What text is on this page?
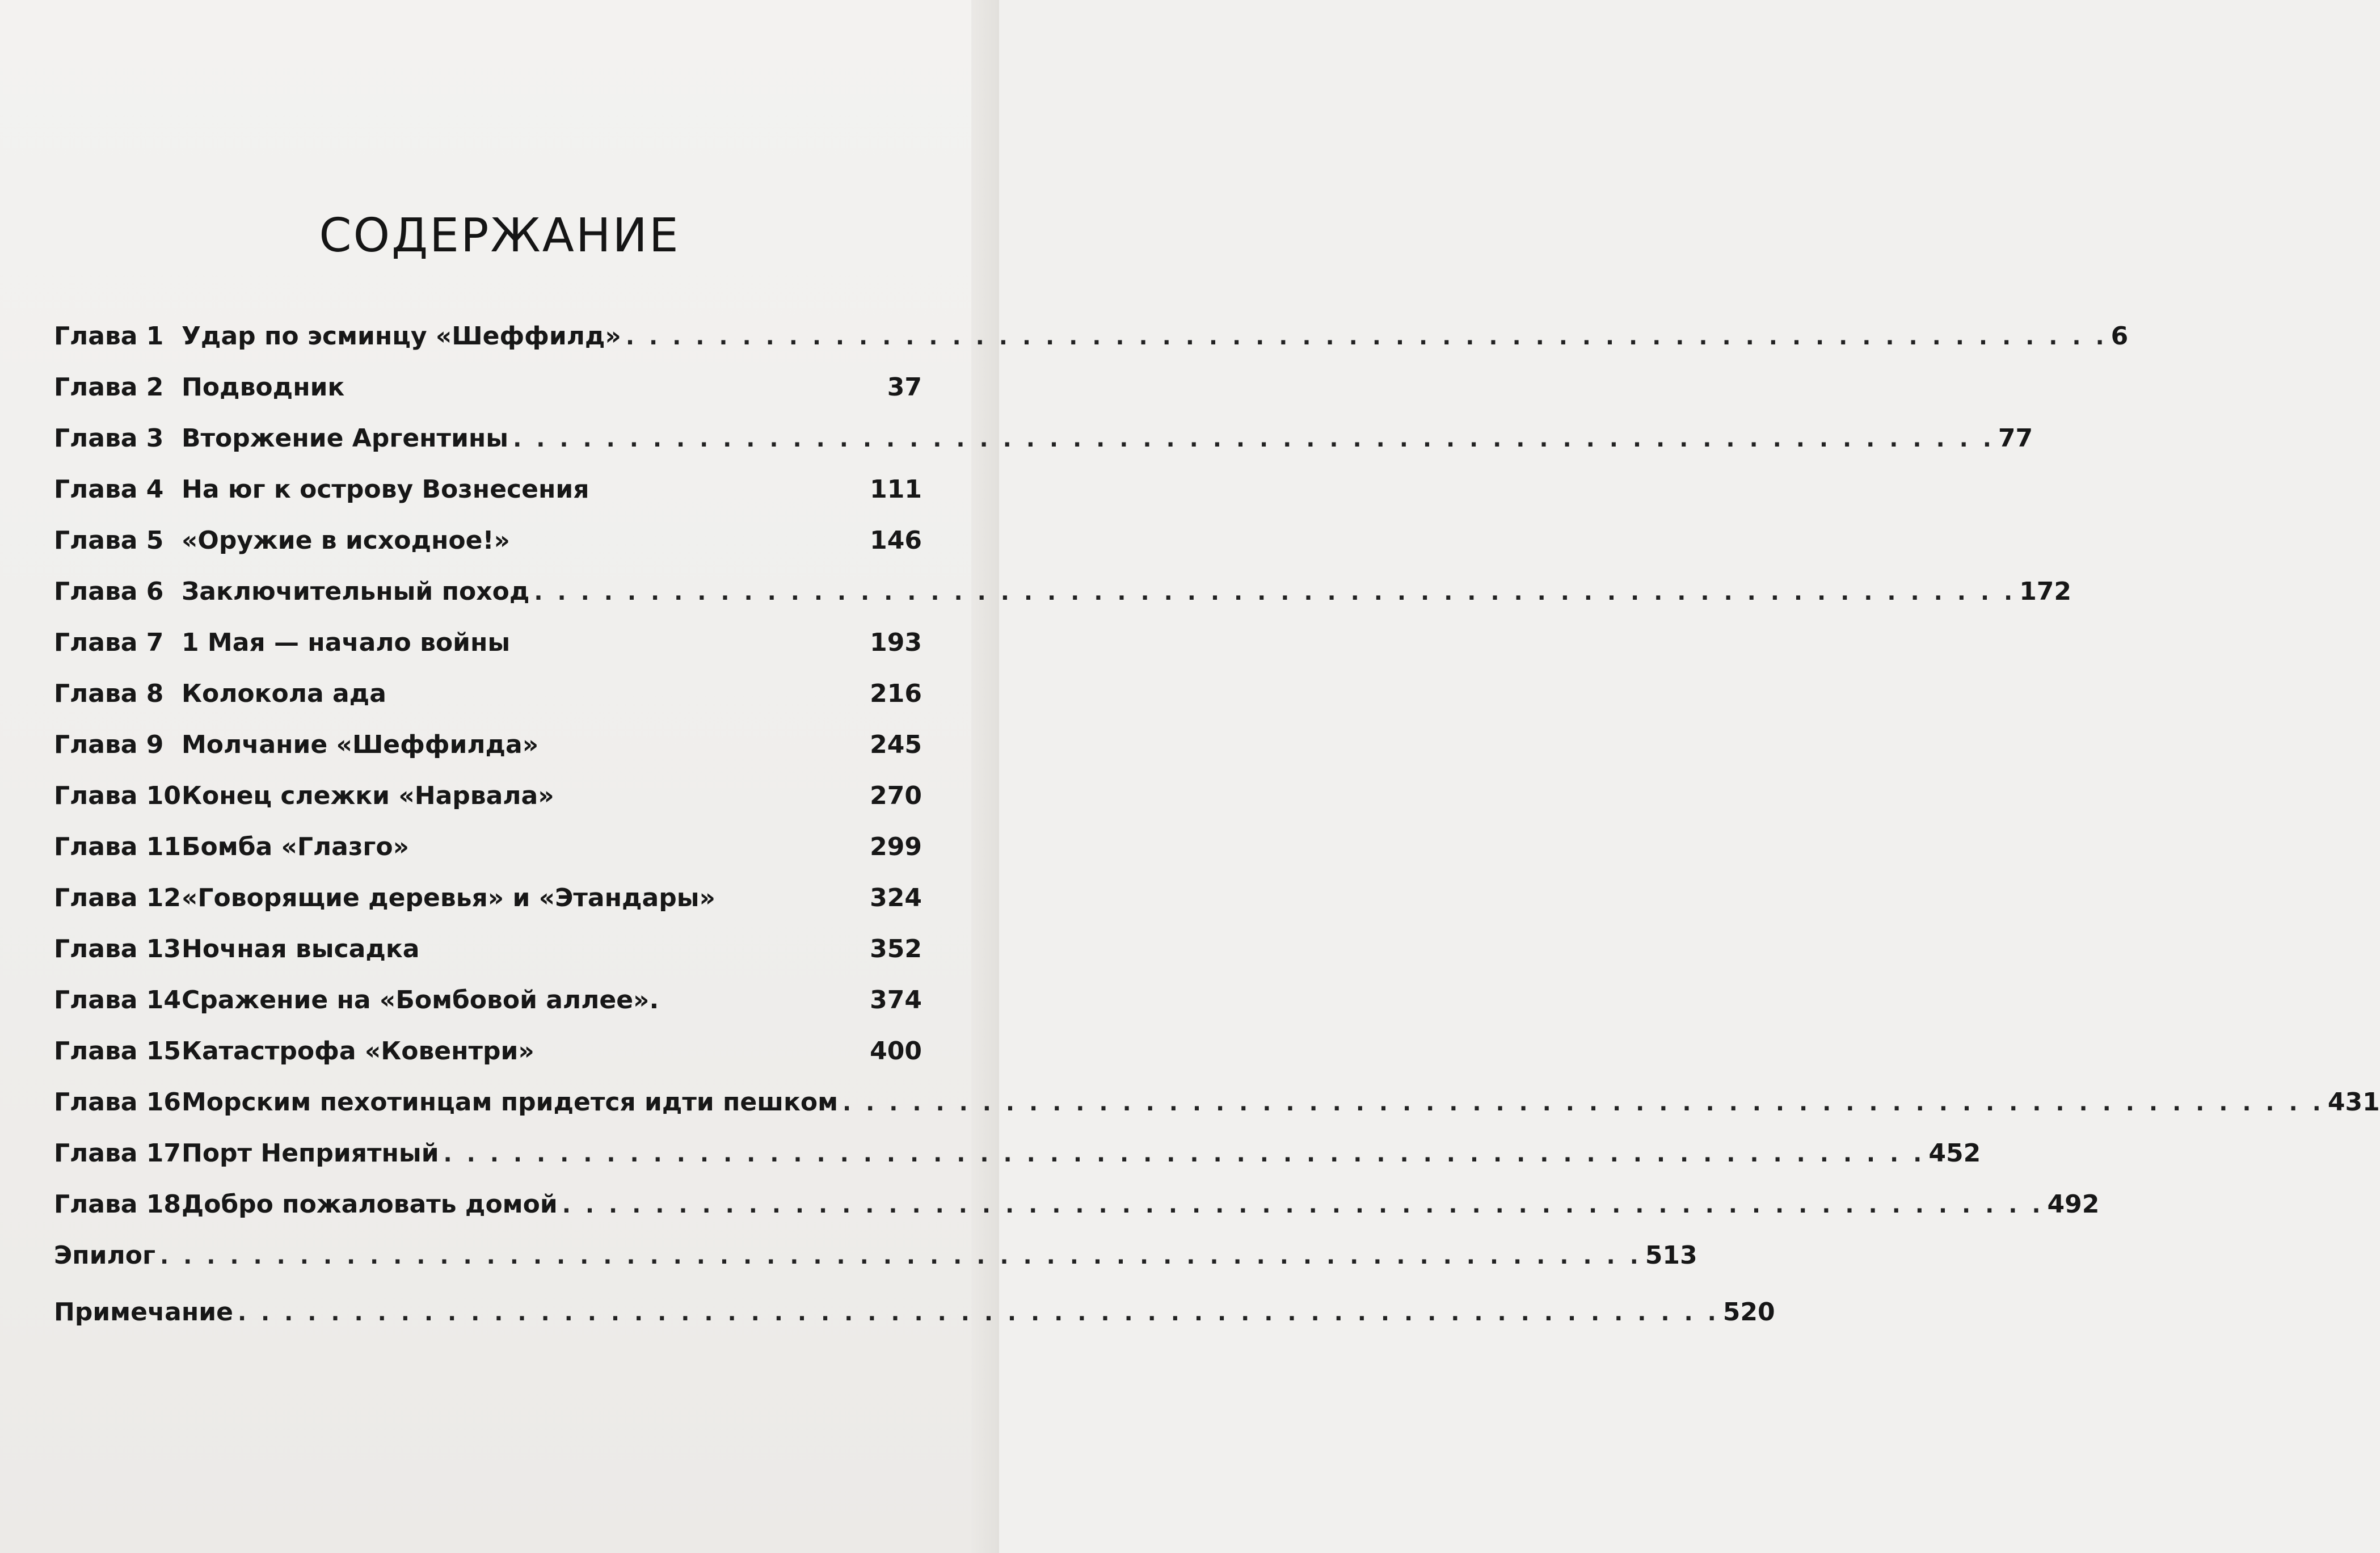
СОДЕРЖАНИЕ
Глава 1 Удар по эсминцу «Шеффилд» . . .	6
Глава 2 Подводник	37
Глава 3 Вторжение Аргентины . . .	77
Глава 4 На юг к острову Вознесения	111
Глава 5 «Оружие в исходное!»	146
Глава 6 Заключительный поход . . .	172
Глава 7 1 Мая — начало войны	193
Глава 8 Колокола ада	216
Глава 9 Молчание «Шеффилда»	245
Глава 10 Конец слежки «Нарвала»	270
Глава 11 Бомба «Глазго»	299
Глава 12 «Говорящие деревья» и «Этандары»	324
Глава 13 Ночная высадка	352
Глава 14 Сражение на «Бомбовой аллее».	374
Глава 15 Катастрофа «Ковентри»	400
Глава 16 Морским пехотинцам придется идти пешком . . .	431
Глава 17 Порт Неприятный . . .	452
Глава 18 Добро пожаловать домой . . .	492
Эпилог . . .	513
Примечание . . .	520
